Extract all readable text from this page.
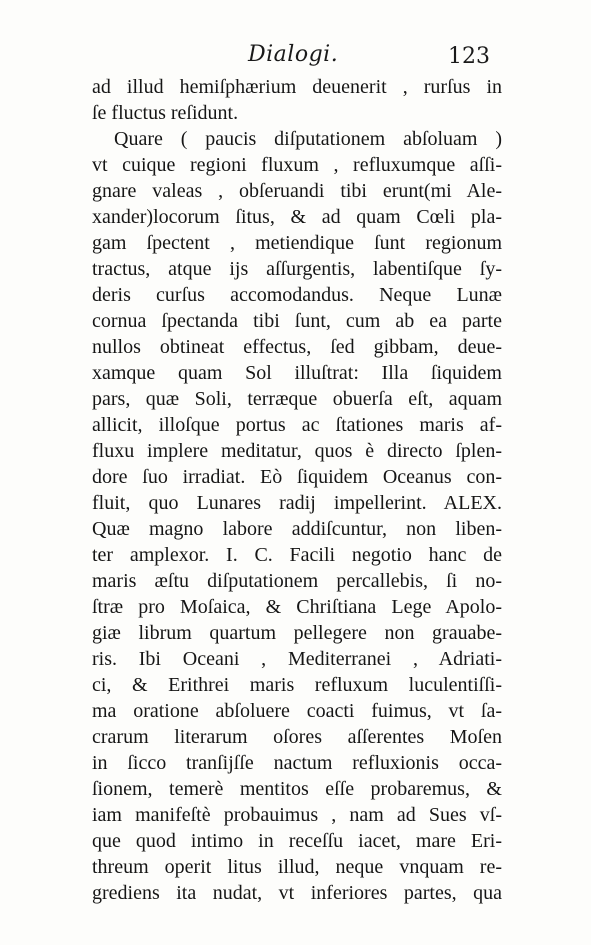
Dialogi.	123
ad illud hemiſphærium deuenerit , rurſus in
ſe fluctus reſidunt.
Quare ( paucis diſputationem abſoluam )
vt cuique regioni fluxum , refluxumque aſſi-
gnare valeas , obſeruandi tibi erunt(mi Ale-
xander)locorum ſitus, & ad quam Cœli pla-
gam ſpectent , metiendique ſunt regionum
tractus, atque ijs aſſurgentis, labentiſque ſy-
deris curſus accomodandus. Neque Lunæ
cornua ſpectanda tibi ſunt, cum ab ea parte
nullos obtineat effectus, ſed gibbam, deue-
xamque quam Sol illuſtrat: Illa ſiquidem
pars, quæ Soli, terræque obuerſa eſt, aquam
allicit, illoſque portus ac ſtationes maris af-
fluxu implere meditatur, quos è directo ſplen-
dore ſuo irradiat. Eò ſiquidem Oceanus con-
fluit, quo Lunares radij impellerint. ALEX.
Quæ magno labore addiſcuntur, non liben-
ter amplexor. I. C. Facili negotio hanc de
maris æſtu diſputationem percallebis, ſi no-
ſtræ pro Moſaica, & Chriſtiana Lege Apolo-
giæ librum quartum pellegere non grauabe-
ris. Ibi Oceani , Mediterranei , Adriati-
ci, & Erithrei maris refluxum luculentiſſi-
ma oratione abſoluere coacti fuimus, vt ſa-
crarum literarum oſores aſſerentes Moſen
in ſicco tranſijſſe nactum refluxionis occa-
ſionem, temerè mentitos eſſe probaremus, &
iam manifeſtè probauimus , nam ad Sues vſ-
que quod intimo in receſſu iacet, mare Eri-
threum operit litus illud, neque vnquam re-
grediens ita nudat, vt inferiores partes, qua
